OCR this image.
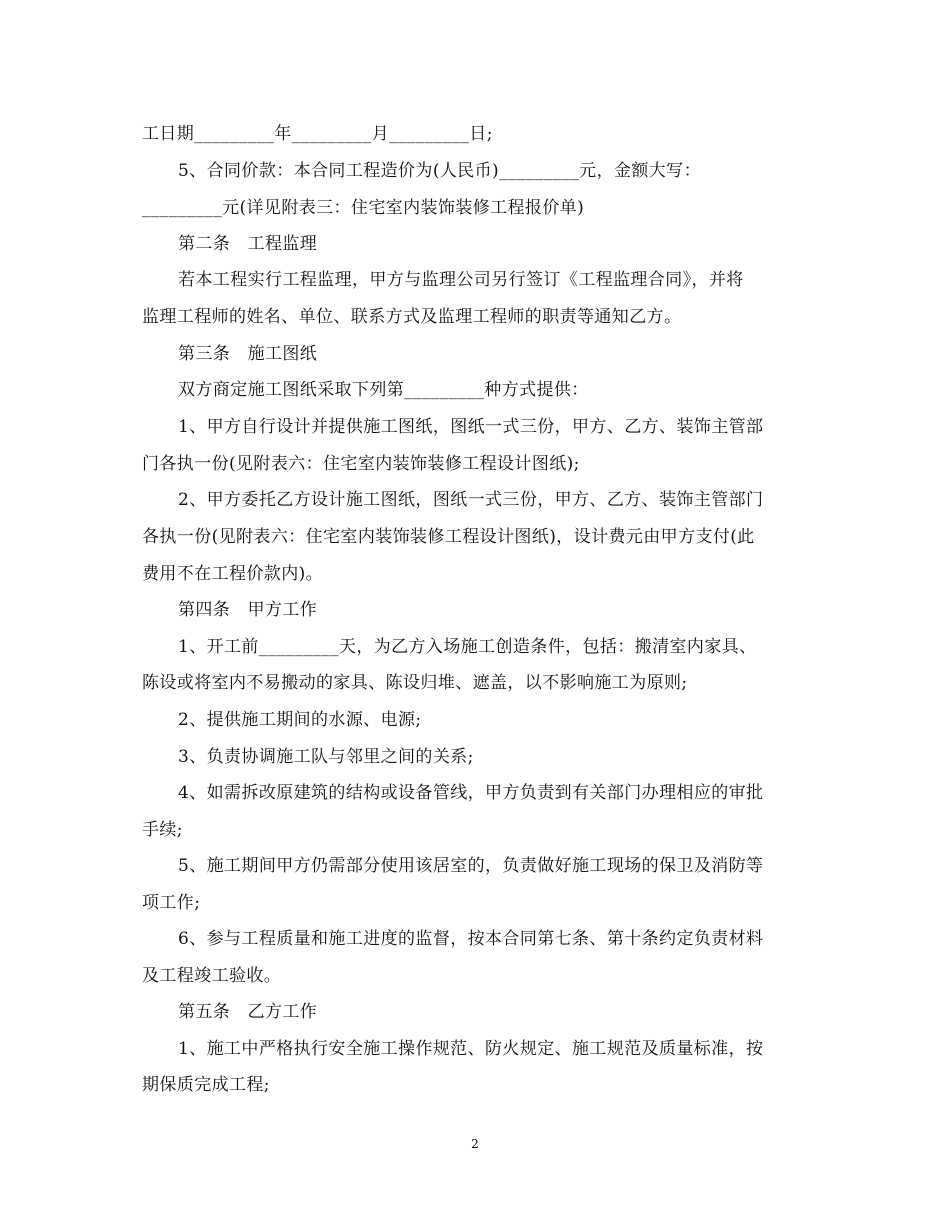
工日期_________年_________月_________日;
5、合同价款：本合同工程造价为(人民币)_________元，金额大写：
_________元(详见附表三：住宅室内装饰装修工程报价单)
第二条　工程监理
若本工程实行工程监理，甲方与监理公司另行签订《工程监理合同》，并将
监理工程师的姓名、单位、联系方式及监理工程师的职责等通知乙方。
第三条　施工图纸
双方商定施工图纸采取下列第_________种方式提供：
1、甲方自行设计并提供施工图纸，图纸一式三份，甲方、乙方、装饰主管部
门各执一份(见附表六：住宅室内装饰装修工程设计图纸);
2、甲方委托乙方设计施工图纸，图纸一式三份，甲方、乙方、装饰主管部门
各执一份(见附表六：住宅室内装饰装修工程设计图纸)，设计费元由甲方支付(此
费用不在工程价款内)。
第四条　甲方工作
1、开工前_________天，为乙方入场施工创造条件，包括：搬清室内家具、
陈设或将室内不易搬动的家具、陈设归堆、遮盖，以不影响施工为原则;
2、提供施工期间的水源、电源;
3、负责协调施工队与邻里之间的关系;
4、如需拆改原建筑的结构或设备管线，甲方负责到有关部门办理相应的审批
手续;
5、施工期间甲方仍需部分使用该居室的，负责做好施工现场的保卫及消防等
项工作;
6、参与工程质量和施工进度的监督，按本合同第七条、第十条约定负责材料
及工程竣工验收。
第五条　乙方工作
1、施工中严格执行安全施工操作规范、防火规定、施工规范及质量标准，按
期保质完成工程;
2
